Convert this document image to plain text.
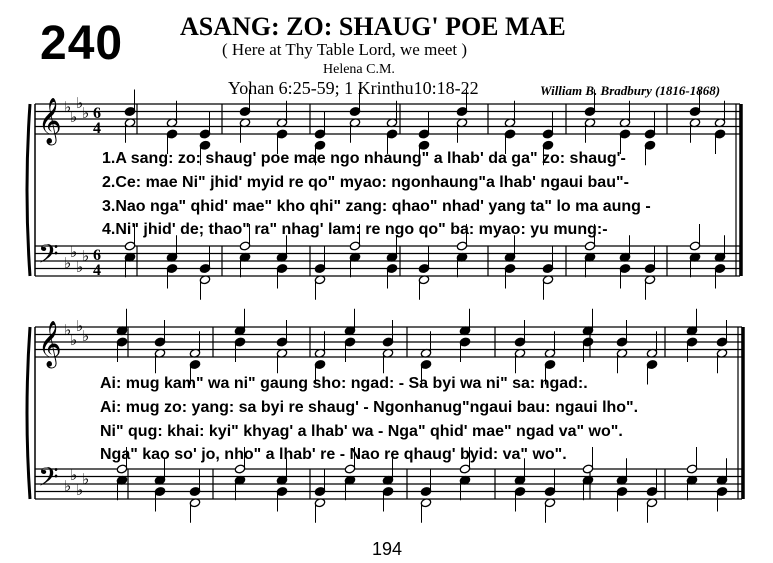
𝄞 ♭
♭
♭
♭
𝄢 ♭
♭
♭
♭
𝄞 ♭
♭
♭
♭
𝄢 ♭
♭
♭
♭
6
4
6
4
240 ASANG: ZO: SHAUG' POE MAE
( Here at Thy Table Lord, we meet )
Helena C.M.
Yohan 6:25-59; 1 Krinthu10:18-22	William B. Bradbury (1816-1868)
1.A sang: zo: shaug' poe mae ngo nhaung" a lhab' da ga" zo: shaug'-
2.Ce: mae Ni" jhid' myid re qo" myao: ngonhaung"a lhab' ngaui bau"-
3.Nao nga" qhid' mae" kho qhi" zang: qhao" nhad' yang ta" lo ma aung -
4.Ni" jhid' de; thao" ra" nhag' lam: re ngo qo" ba: myao: yu mung:-
Ai: mug kam" wa ni" gaung sho: ngad: - Sa byi wa ni" sa: ngad:.
Ai: mug zo: yang: sa byi re shaug' - Ngonhanug"ngaui bau: ngaui lho".
Ni" qug: khai: kyi" khyag' a lhab' wa - Nga" qhid' mae" ngad va" wo".
Nga" kao so' jo, nho" a lhab' re - Nao re qhaug' byid: va" wo".
194
